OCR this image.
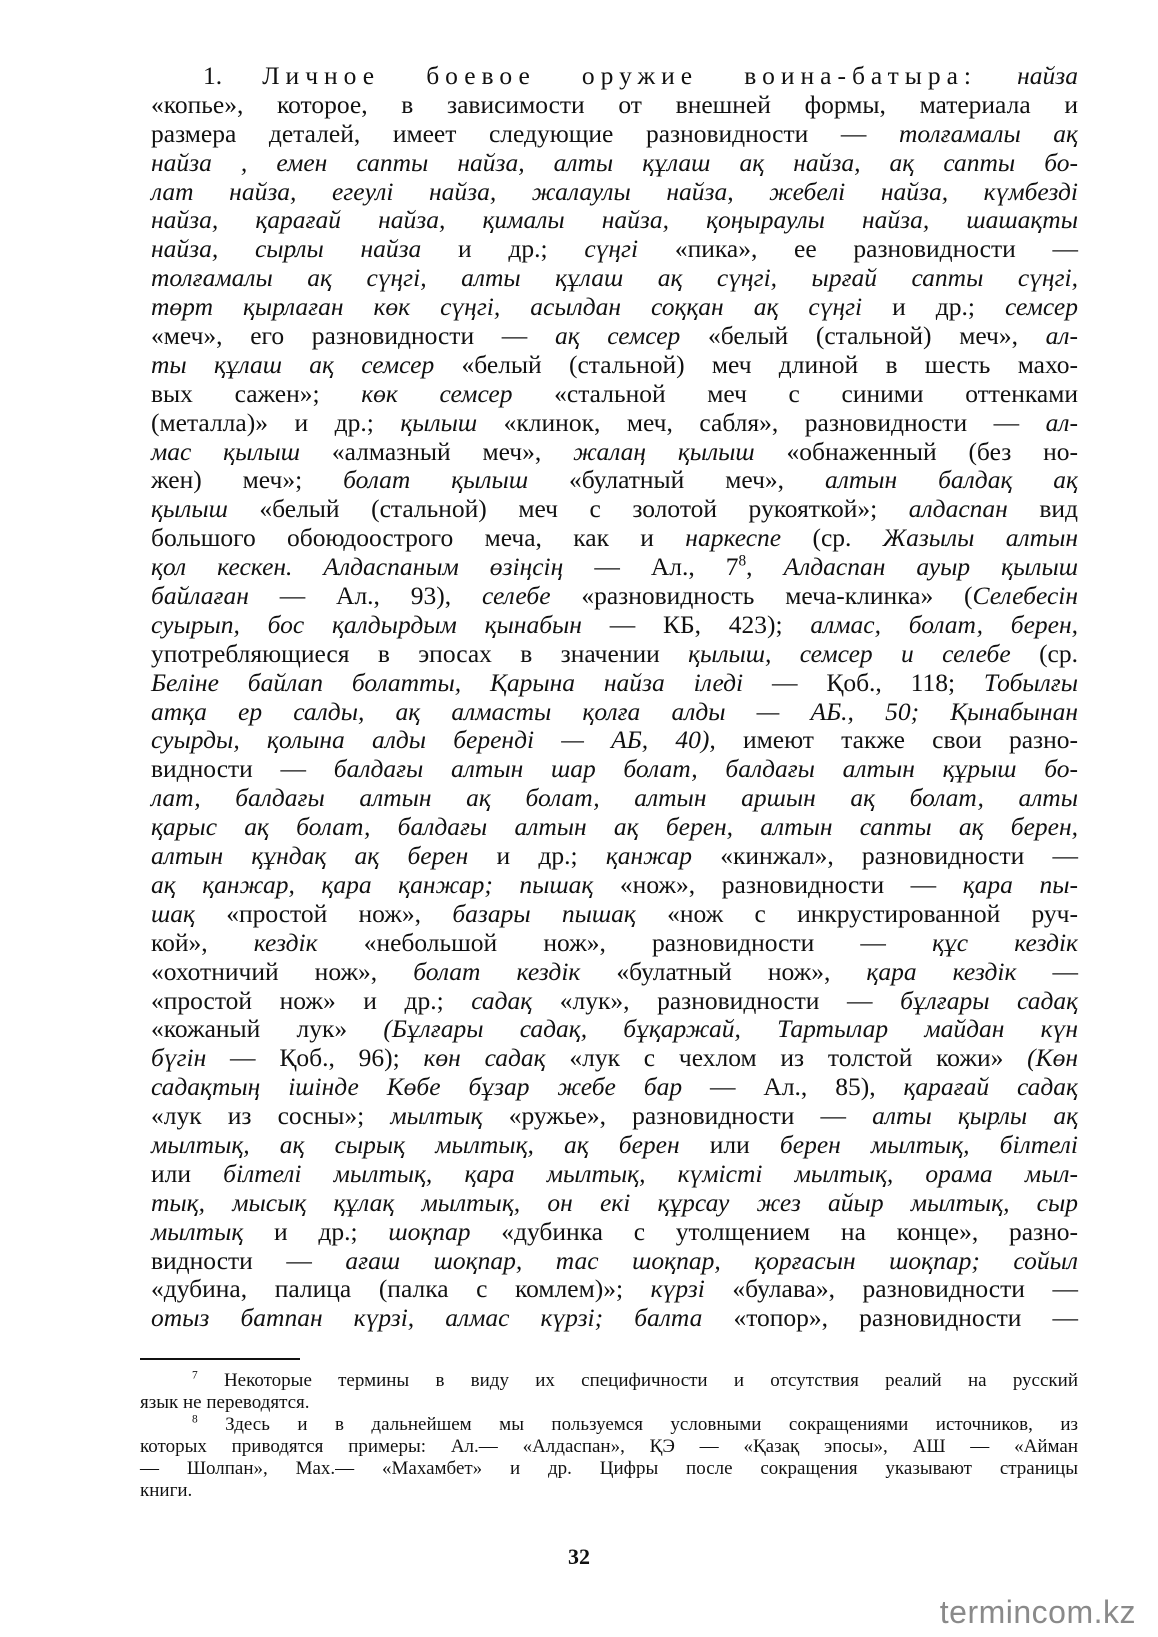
1. Личное боевое оружие воина-батыра: найза
«копье», которое, в зависимости от внешней формы, материала и
размера деталей, имеет следующие разновидности — толғамалы ақ
найза , емен сапты найза, алты құлаш ақ найза, ақ сапты бо-
лат найза, егеулі найза, жалаулы найза, жебелі найза, күмбезді
найза, қарағай найза, қималы найза, қоңыраулы найза, шашақты
найза, сырлы найза и др.; сүңгі «пика», ее разновидности —
толғамалы ақ сүңгі, алты құлаш ақ сүңгі, ырғай сапты сүңгі,
төрт қырлаған көк сүңгі, асылдан соққан ақ сүңгі и др.; семсер
«меч», его разновидности — ақ семсер «белый (стальной) меч», ал-
ты құлаш ақ семсер «белый (стальной) меч длиной в шесть махо-
вых сажен»; көк семсер «стальной меч с синими оттенками
(металла)» и др.; қылыш «клинок, меч, сабля», разновидности — ал-
мас қылыш «алмазный меч», жалаң қылыш «обнаженный (без но-
жен) меч»; болат қылыш «булатный меч», алтын балдақ ақ
қылыш «белый (стальной) меч с золотой рукояткой»; алдаспан вид
большого обоюдоострого меча, как и наркеспе (ср. Жазылы алтын
қол кескен. Алдаспаным өзіңсің — Ал., $7^8$, Алдаспан ауыр қылыш
байлаған — Ал., 93), селебе «разновидность меча-клинка» (Селебесін
суырып, бос қалдырдым қынабын — КБ, 423); алмас, болат, берен,
употребляющиеся в эпосах в значении қылыш, семсер и селебе (ср.
Беліне байлап болатты, Қарына найза іледі — Қоб., 118; Тобылғы
атқа ер салды, ақ алмасты қолға алды — АБ., 50; Қынабынан
суырды, қолына алды беренді — АБ, 40), имеют также свои разно-
видности — балдағы алтын шар болат, балдағы алтын құрыш бо-
лат, балдағы алтын ақ болат, алтын аршын ақ болат, алты
қарыс ақ болат, балдағы алтын ақ берен, алтын сапты ақ берен,
алтын құндақ ақ берен и др.; қанжар «кинжал», разновидности —
ақ қанжар, қара қанжар; пышақ «нож», разновидности — қара пы-
шақ «простой нож», базары пышақ «нож с инкрустированной руч-
кой», кездік «небольшой нож», разновидности — құс кездік
«охотничий нож», болат кездік «булатный нож», қара кездік —
«простой нож» и др.; садақ «лук», разновидности — бұлғары садақ
«кожаный лук» (Бұлғары садақ, бұқаржай, Тартылар майдан күн
бүгін — Қоб., 96); көн садақ «лук с чехлом из толстой кожи» (Көн
садақтың ішінде Көбе бұзар жебе бар — Ал., 85), қарағай садақ
«лук из сосны»; мылтық «ружье», разновидности — алты қырлы ақ
мылтық, ақ сырық мылтық, ақ берен или берен мылтық, білтелі
или білтелі мылтық, қара мылтық, күмісті мылтық, орама мыл-
тық, мысық құлақ мылтық, он екі құрсау жез айыр мылтық, сыр
мылтық и др.; шоқпар «дубинка с утолщением на конце», разно-
видности — ағаш шоқпар, тас шоқпар, қорғасын шоқпар; сойыл
«дубина, палица (палка с комлем)»; күрзі «булава», разновидности —
отыз батпан күрзі, алмас күрзі; балта «топор», разновидности —
$^7$ Некоторые термины в виду их специфичности и отсутствия реалий на русский
язык не переводятся.
$^8$ Здесь и в дальнейшем мы пользуемся условными сокращениями источников, из
которых приводятся примеры: Ал.— «Алдаспан», ҚЭ — «Қазақ эпосы», АШ — «Айман
— Шолпан», Мах.— «Махамбет» и др. Цифры после сокращения указывают страницы
книги.
32
termincom.kz
